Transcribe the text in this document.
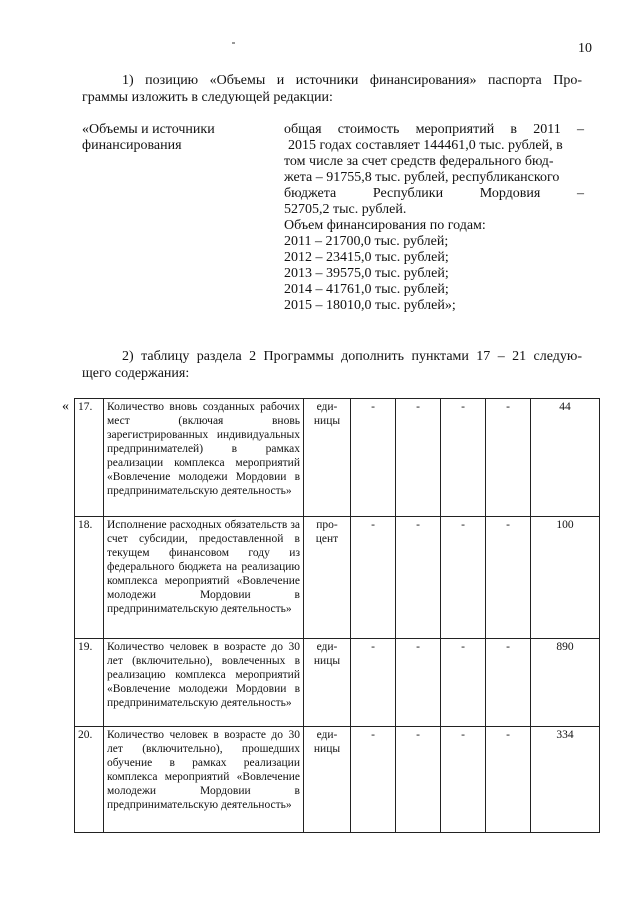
10
1) позицию «Объемы и источники финансирования» паспорта Про-
граммы изложить в следующей редакции:
«Объемы и источники финансирования
общая стоимость мероприятий в 2011 –
2015 годах составляет 144461,0 тыс. рублей, в
том числе за счет средств федерального бюд-
жета – 91755,8 тыс. рублей, республиканского
бюджета Республики Мордовия –
52705,2 тыс. рублей.
Объем финансирования по годам:
2011 – 21700,0 тыс. рублей;
2012 – 23415,0 тыс. рублей;
2013 – 39575,0 тыс. рублей;
2014 – 41761,0 тыс. рублей;
2015 – 18010,0 тыс. рублей»;
2) таблицу раздела 2 Программы дополнить пунктами 17 – 21 следую-
щего содержания:
« 17.	Количество вновь созданных рабочих мест (включая вновь зарегистрированных индивидуальных предпринимателей) в рамках реализации комплекса мероприятий «Вовлечение молодежи Мордовии в предпринимательскую деятельность»	еди-ницы	-	-	-	-	44
18.	Исполнение расходных обязательств за счет субсидии, предоставленной в текущем финансовом году из федерального бюджета на реализацию комплекса мероприятий «Вовлечение молодежи Мордовии в предпринимательскую деятельность»	про-цент	-	-	-	-	100
19.	Количество человек в возрасте до 30 лет (включительно), вовлеченных в реализацию комплекса мероприятий «Вовлечение молодежи Мордовии в предпринимательскую деятельность»	еди-ницы	-	-	-	-	890
20.	Количество человек в возрасте до 30 лет (включительно), прошедших обучение в рамках реализации комплекса мероприятий «Вовлечение молодежи Мордовии в предпринимательскую деятельность»	еди-ницы	-	-	-	-	334
